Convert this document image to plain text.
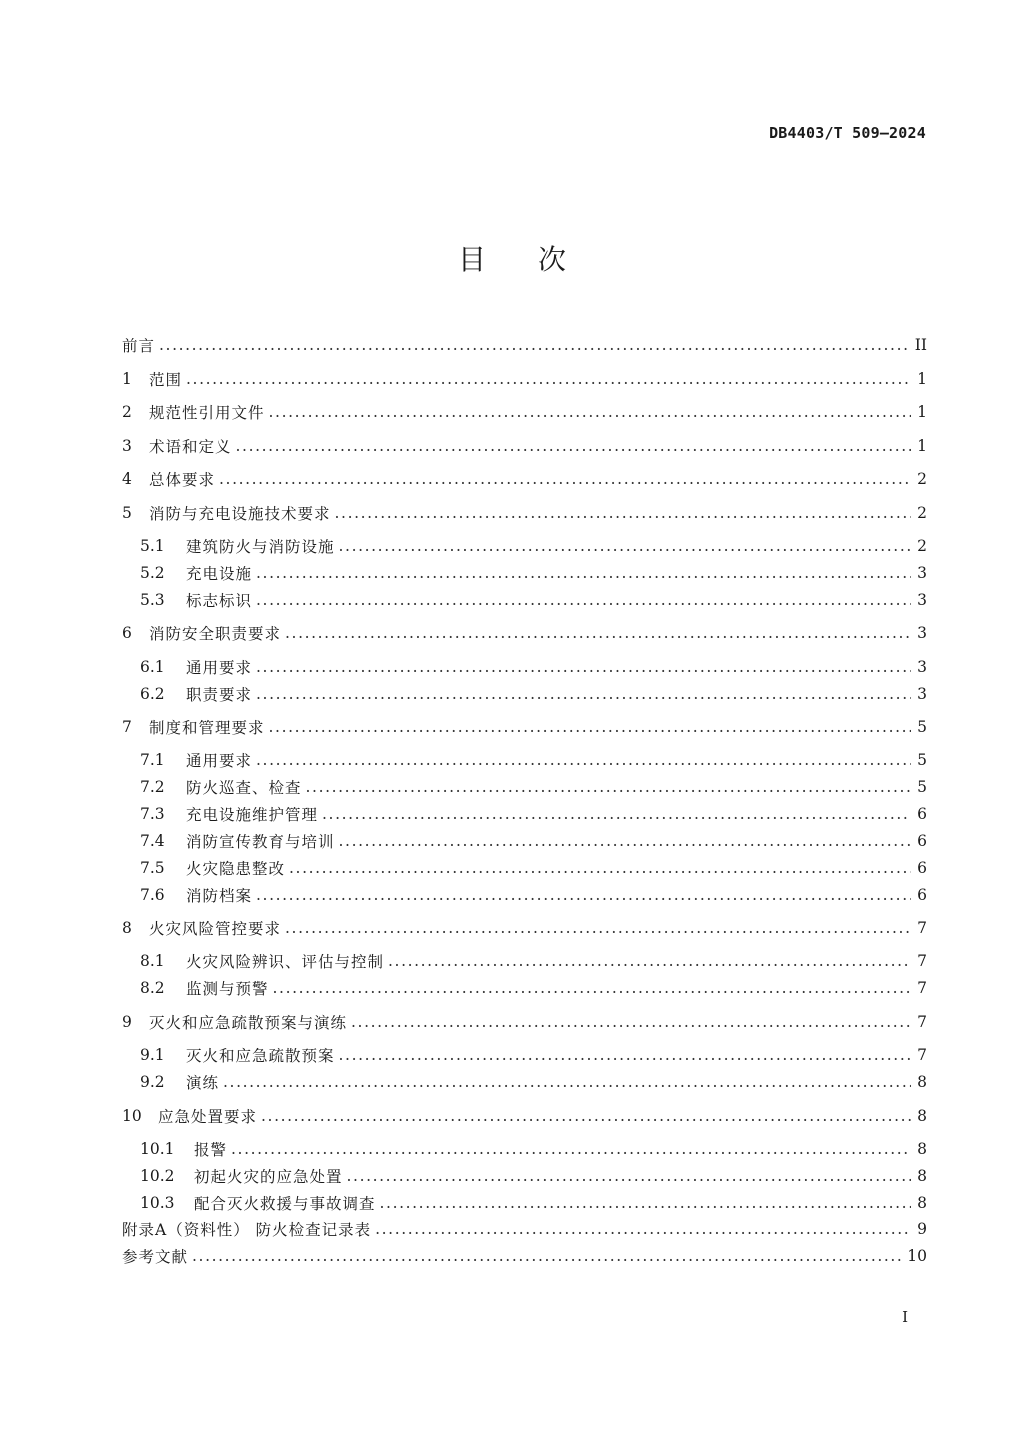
DB4403/T 509—2024
目次
前言 .....	II
1	范围 .....	1
2	规范性引用文件 .....	1
3	术语和定义 .....	1
4	总体要求 .....	2
5	消防与充电设施技术要求 .....	2
5.1	建筑防火与消防设施 .....	2
5.2	充电设施 .....	3
5.3	标志标识 .....	3
6	消防安全职责要求 .....	3
6.1	通用要求 .....	3
6.2	职责要求 .....	3
7	制度和管理要求 .....	5
7.1	通用要求 .....	5
7.2	防火巡查、检查 .....	5
7.3	充电设施维护管理 .....	6
7.4	消防宣传教育与培训 .....	6
7.5	火灾隐患整改 .....	6
7.6	消防档案 .....	6
8	火灾风险管控要求 .....	7
8.1	火灾风险辨识、评估与控制 .....	7
8.2	监测与预警 .....	7
9	灭火和应急疏散预案与演练 .....	7
9.1	灭火和应急疏散预案 .....	7
9.2	演练 .....	8
10	应急处置要求 .....	8
10.1	报警 .....	8
10.2	初起火灾的应急处置 .....	8
10.3	配合灭火救援与事故调查 .....	8
附录A（资料性） 防火检查记录表 .....	9
参考文献 .....	10
I
